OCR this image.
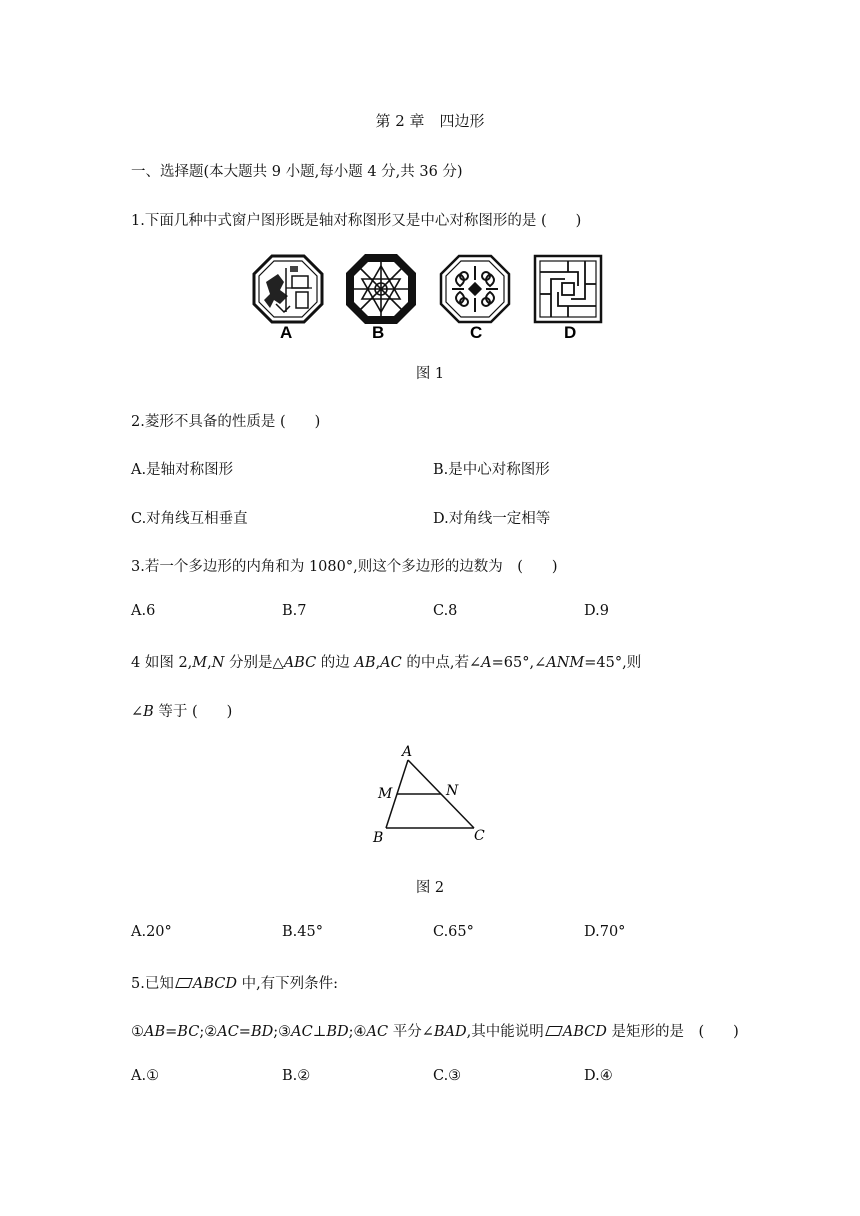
第 2 章　四边形
一、选择题(本大题共 9 小题,每小题 4 分,共 36 分)
1.下面几种中式窗户图形既是轴对称图形又是中心对称图形的是 (　　)
A	B	C	D
图 1
2.菱形不具备的性质是 (　　)
A.是轴对称图形	B.是中心对称图形
C.对角线互相垂直	D.对角线一定相等
3.若一个多边形的内角和为 1080°,则这个多边形的边数为　(　　)
A.6	B.7	C.8	D.9
4 如图 2,M,N 分别是△ABC 的边 AB,AC 的中点,若∠A=65°,∠ANM=45°,则
∠B 等于 (　　)
A
M	N
B	C
图 2
A.20°	B.45°	C.65°	D.70°
5.已知 ABCD 中,有下列条件:
①AB=BC;②AC=BD;③AC⊥BD;④AC 平分∠BAD,其中能说明 ABCD 是矩形的是　(　　)
A.①	B.②	C.③	D.④
